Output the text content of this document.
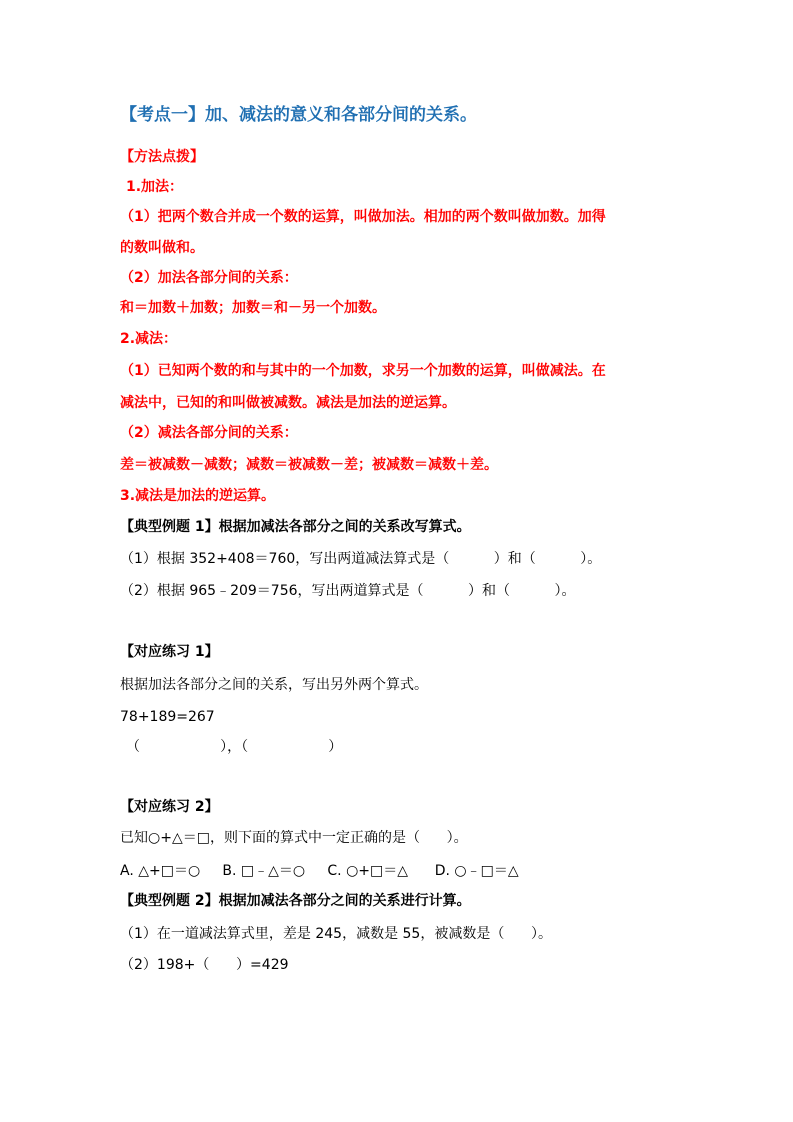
【考点一】加、减法的意义和各部分间的关系。
【方法点拨】
1.加法：
（1）把两个数合并成一个数的运算，叫做加法。相加的两个数叫做加数。加得
的数叫做和。
（2）加法各部分间的关系：
和＝加数＋加数；加数＝和－另一个加数。
2.减法：
（1）已知两个数的和与其中的一个加数，求另一个加数的运算，叫做减法。在
减法中，已知的和叫做被减数。减法是加法的逆运算。
（2）减法各部分间的关系：
差＝被减数－减数；减数＝被减数－差；被减数＝减数＋差。
3.减法是加法的逆运算。
【典型例题 1】根据加减法各部分之间的关系改写算式。
（1）根据 352+408＝760，写出两道减法算式是（          ）和（          ）。
（2）根据 965﹣209＝756，写出两道算式是（          ）和（          ）。
【对应练习 1】
根据加法各部分之间的关系，写出另外两个算式。
78+189=267
（                  ），（                  ）
【对应练习 2】
已知○+△＝□，则下面的算式中一定正确的是（      ）。
A. △+□＝○     B. □﹣△＝○     C. ○+□＝△      D. ○﹣□＝△
【典型例题 2】根据加减法各部分之间的关系进行计算。
（1）在一道减法算式里，差是 245，减数是 55，被减数是（      ）。
（2）198+（      ）=429
